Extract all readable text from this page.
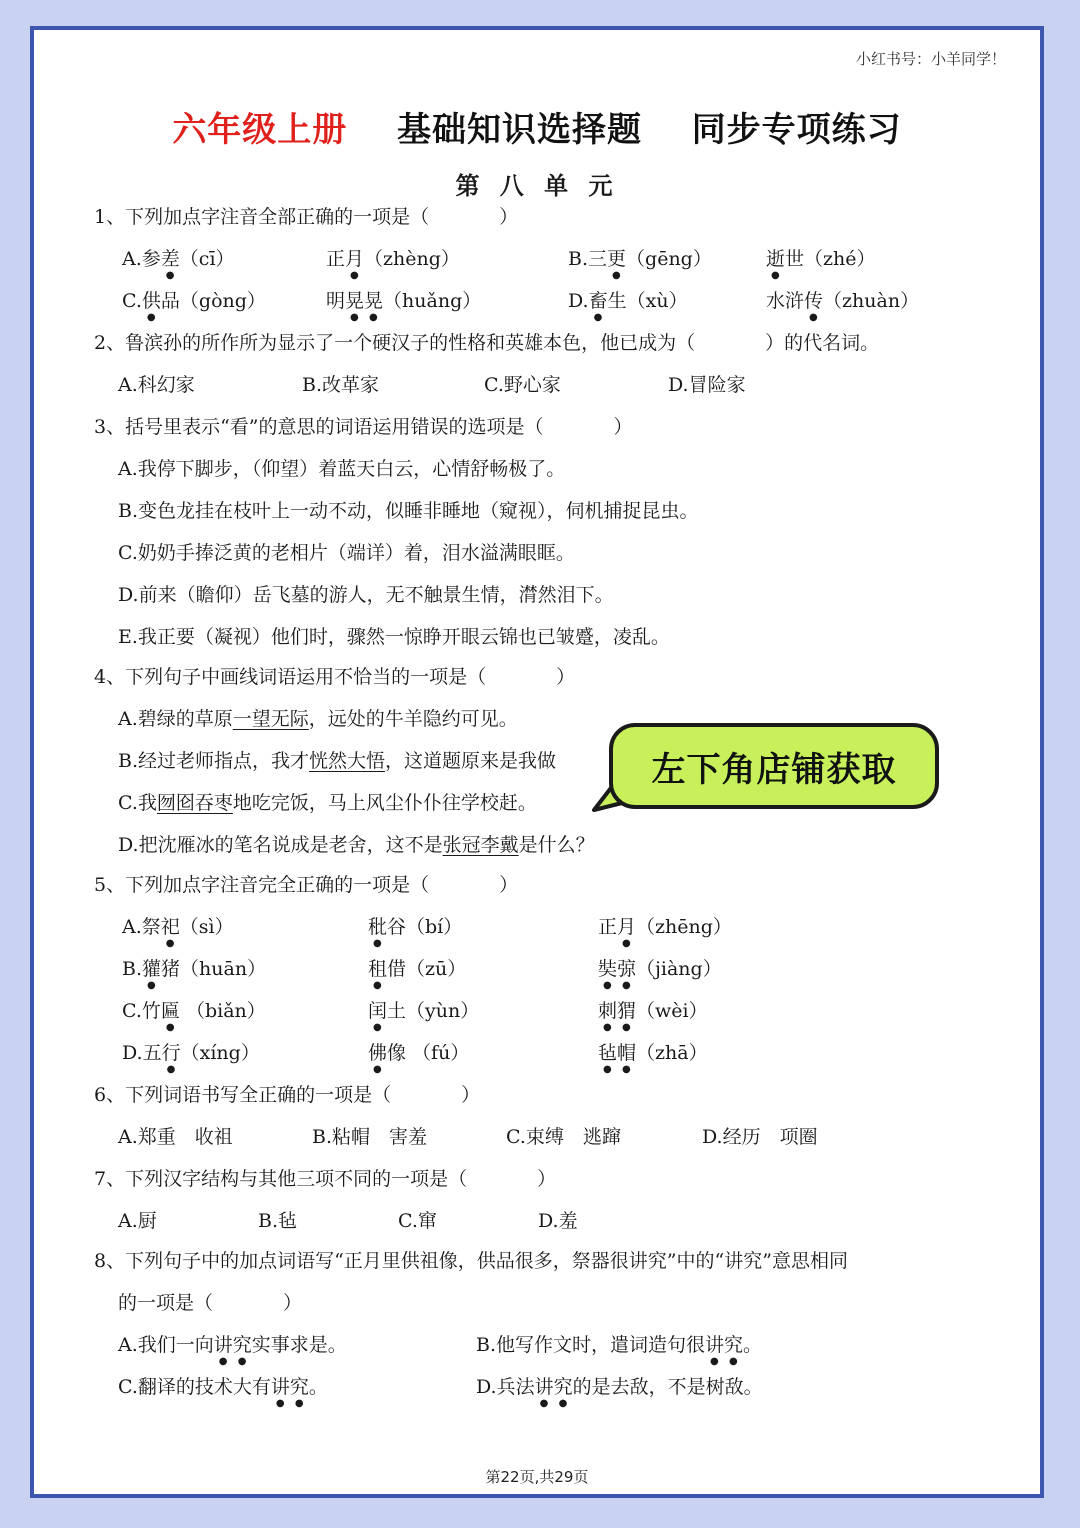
小红书号：小羊同学！
六年级上册 基础知识选择题 同步专项练习
第 八 单 元
1、下列加点字注音全部正确的一项是（	）
A.参差（cī）	正月（zhèng）	B.三更（gēng）	逝世（zhé）
C.供品（gòng）	明晃晃（huǎng）	D.畜生（xù）	水浒传（zhuàn）
2、鲁滨孙的所作所为显示了一个硬汉子的性格和英雄本色，他已成为（	）的代名词。
A.科幻家	B.改革家	C.野心家	D.冒险家
3、括号里表示“看”的意思的词语运用错误的选项是（	）
A.我停下脚步，（仰望）着蓝天白云，心情舒畅极了。
B.变色龙挂在枝叶上一动不动，似睡非睡地（窥视），伺机捕捉昆虫。
C.奶奶手捧泛黄的老相片（端详）着，泪水溢满眼眶。
D.前来（瞻仰）岳飞墓的游人，无不触景生情，潸然泪下。
E.我正要（凝视）他们时，骤然一惊睁开眼云锦也已皱蹙，凌乱。
4、下列句子中画线词语运用不恰当的一项是（	）
A.碧绿的草原一望无际，远处的牛羊隐约可见。
B.经过老师指点，我才恍然大悟，这道题原来是我做
C.我囫囵吞枣地吃完饭，马上风尘仆仆往学校赶。
D.把沈雁冰的笔名说成是老舍，这不是张冠李戴是什么？
左下角店铺获取
5、下列加点字注音完全正确的一项是（	）
A.祭祀（sì）	秕谷（bí）	正月（zhēng）
B.獾猪（huān）	租借（zū）	奘弶（jiàng）
C.竹匾 （biǎn）	闰土（yùn）	刺猬（wèi）
D.五行（xíng）	佛像 （fú）	毡帽（zhā）
6、下列词语书写全正确的一项是（	）
A.郑重　收祖	B.粘帽　害羞	C.束缚　逃蹿	D.经历　项圈
7、下列汉字结构与其他三项不同的一项是（	）
A.厨	B.毡	C.窜	D.羞
8、下列句子中的加点词语写“正月里供祖像，供品很多，祭器很讲究”中的“讲究”意思相同
的一项是（	）
A.我们一向讲究实事求是。	B.他写作文时，遣词造句很讲究。
C.翻译的技术大有讲究。	D.兵法讲究的是去敌，不是树敌。
第22页,共29页
